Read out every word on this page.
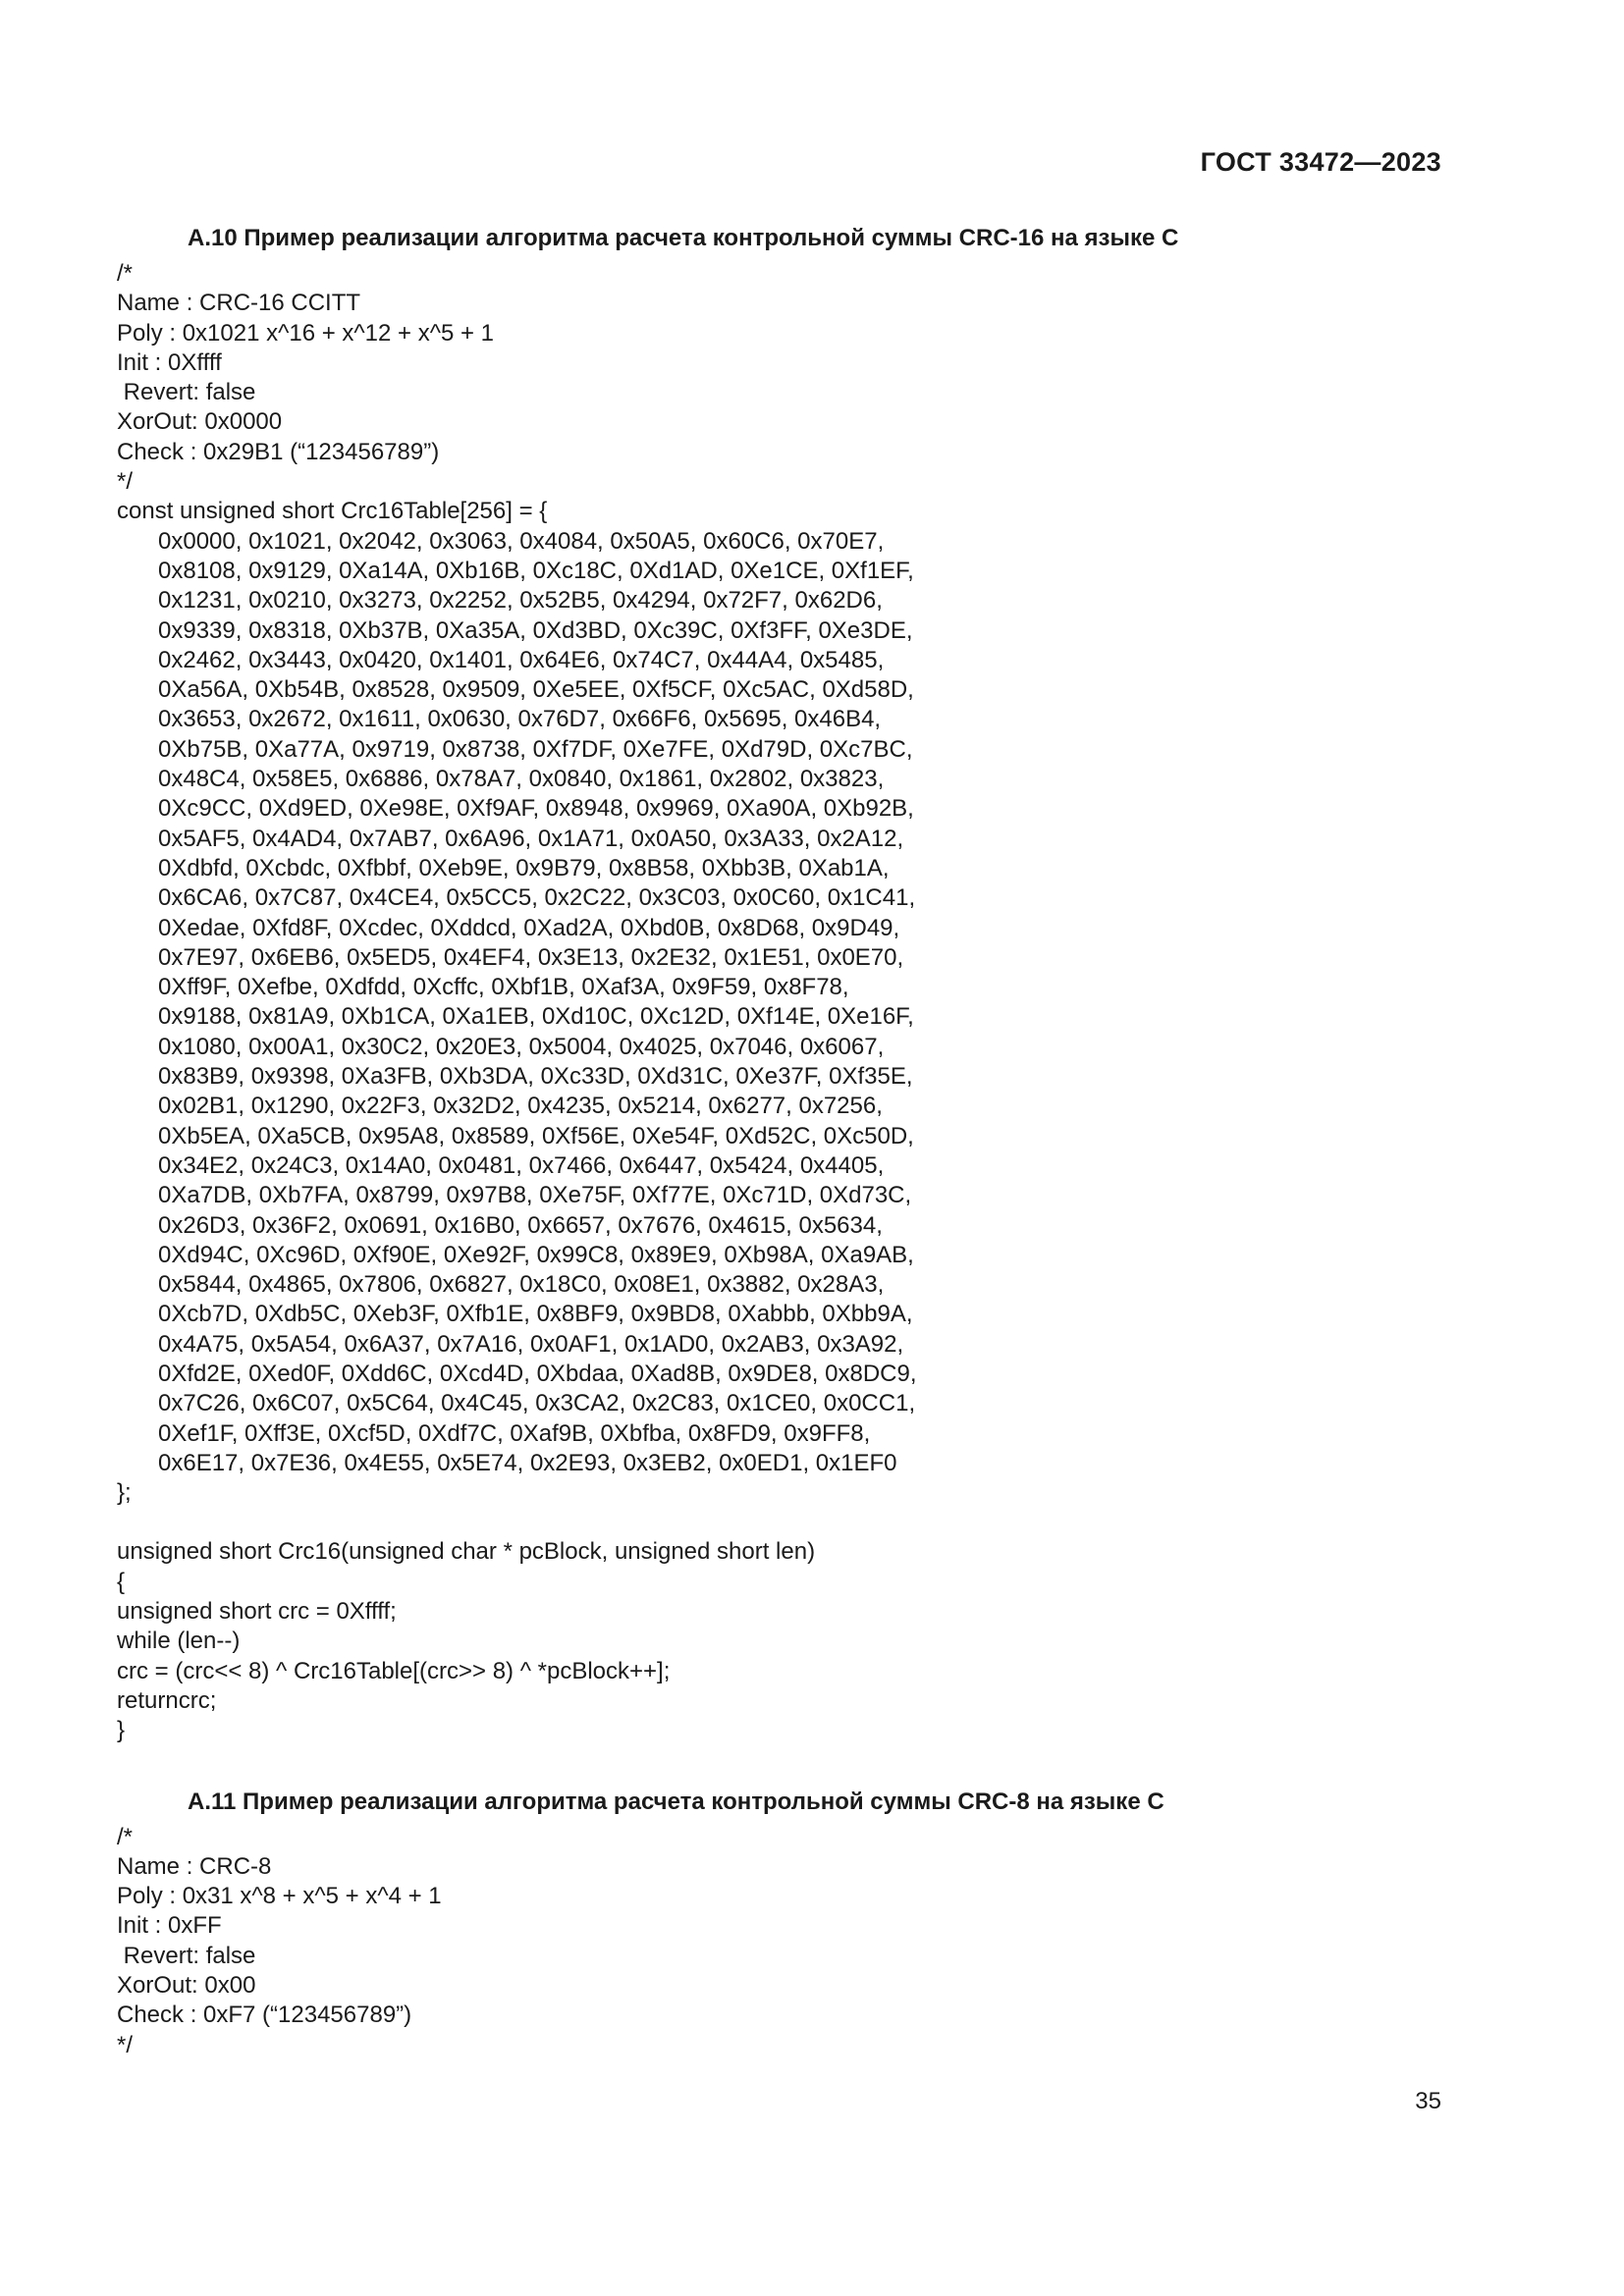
ГОСТ 33472—2023
А.10 Пример реализации алгоритма расчета контрольной суммы CRC-16 на языке С
/*
Name : CRC-16 CCITT
Poly : 0x1021 x^16 + x^12 + x^5 + 1
Init : 0Xffff
Revert: false
XorOut: 0x0000
Check : 0x29B1 (“123456789”)
*/
const unsigned short Crc16Table[256] = {
0x0000, 0x1021, 0x2042, 0x3063, 0x4084, 0x50A5, 0x60C6, 0x70E7,
0x8108, 0x9129, 0Xa14A, 0Xb16B, 0Xc18C, 0Xd1AD, 0Xe1CE, 0Xf1EF,
0x1231, 0x0210, 0x3273, 0x2252, 0x52B5, 0x4294, 0x72F7, 0x62D6,
0x9339, 0x8318, 0Xb37B, 0Xa35A, 0Xd3BD, 0Xc39C, 0Xf3FF, 0Xe3DE,
0x2462, 0x3443, 0x0420, 0x1401, 0x64E6, 0x74C7, 0x44A4, 0x5485,
0Xa56A, 0Xb54B, 0x8528, 0x9509, 0Xe5EE, 0Xf5CF, 0Xc5AC, 0Xd58D,
0x3653, 0x2672, 0x1611, 0x0630, 0x76D7, 0x66F6, 0x5695, 0x46B4,
0Xb75B, 0Xa77A, 0x9719, 0x8738, 0Xf7DF, 0Xe7FE, 0Xd79D, 0Xc7BC,
0x48C4, 0x58E5, 0x6886, 0x78A7, 0x0840, 0x1861, 0x2802, 0x3823,
0Xc9CC, 0Xd9ED, 0Xe98E, 0Xf9AF, 0x8948, 0x9969, 0Xa90A, 0Xb92B,
0x5AF5, 0x4AD4, 0x7AB7, 0x6A96, 0x1A71, 0x0A50, 0x3A33, 0x2A12,
0Xdbfd, 0Xcbdc, 0Xfbbf, 0Xeb9E, 0x9B79, 0x8B58, 0Xbb3B, 0Xab1A,
0x6CA6, 0x7C87, 0x4CE4, 0x5CC5, 0x2C22, 0x3C03, 0x0C60, 0x1C41,
0Xedae, 0Xfd8F, 0Xcdec, 0Xddcd, 0Xad2A, 0Xbd0B, 0x8D68, 0x9D49,
0x7E97, 0x6EB6, 0x5ED5, 0x4EF4, 0x3E13, 0x2E32, 0x1E51, 0x0E70,
0Xff9F, 0Xefbe, 0Xdfdd, 0Xcffc, 0Xbf1B, 0Xaf3A, 0x9F59, 0x8F78,
0x9188, 0x81A9, 0Xb1CA, 0Xa1EB, 0Xd10C, 0Xc12D, 0Xf14E, 0Xe16F,
0x1080, 0x00A1, 0x30C2, 0x20E3, 0x5004, 0x4025, 0x7046, 0x6067,
0x83B9, 0x9398, 0Xa3FB, 0Xb3DA, 0Xc33D, 0Xd31C, 0Xe37F, 0Xf35E,
0x02B1, 0x1290, 0x22F3, 0x32D2, 0x4235, 0x5214, 0x6277, 0x7256,
0Xb5EA, 0Xa5CB, 0x95A8, 0x8589, 0Xf56E, 0Xe54F, 0Xd52C, 0Xc50D,
0x34E2, 0x24C3, 0x14A0, 0x0481, 0x7466, 0x6447, 0x5424, 0x4405,
0Xa7DB, 0Xb7FA, 0x8799, 0x97B8, 0Xe75F, 0Xf77E, 0Xc71D, 0Xd73C,
0x26D3, 0x36F2, 0x0691, 0x16B0, 0x6657, 0x7676, 0x4615, 0x5634,
0Xd94C, 0Xc96D, 0Xf90E, 0Xe92F, 0x99C8, 0x89E9, 0Xb98A, 0Xa9AB,
0x5844, 0x4865, 0x7806, 0x6827, 0x18C0, 0x08E1, 0x3882, 0x28A3,
0Xcb7D, 0Xdb5C, 0Xeb3F, 0Xfb1E, 0x8BF9, 0x9BD8, 0Xabbb, 0Xbb9A,
0x4A75, 0x5A54, 0x6A37, 0x7A16, 0x0AF1, 0x1AD0, 0x2AB3, 0x3A92,
0Xfd2E, 0Xed0F, 0Xdd6C, 0Xcd4D, 0Xbdaa, 0Xad8B, 0x9DE8, 0x8DC9,
0x7C26, 0x6C07, 0x5C64, 0x4C45, 0x3CA2, 0x2C83, 0x1CE0, 0x0CC1,
0Xef1F, 0Xff3E, 0Xcf5D, 0Xdf7C, 0Xaf9B, 0Xbfba, 0x8FD9, 0x9FF8,
0x6E17, 0x7E36, 0x4E55, 0x5E74, 0x2E93, 0x3EB2, 0x0ED1, 0x1EF0
};
unsigned short Crc16(unsigned char * pcBlock, unsigned short len)
{
unsigned short crc = 0Xffff;
while (len--)
crc = (crc<< 8) ^ Crc16Table[(crc>> 8) ^ *pcBlock++];
returncrc;
}
А.11 Пример реализации алгоритма расчета контрольной суммы CRC-8 на языке С
/*
Name : CRC-8
Poly : 0x31 x^8 + x^5 + x^4 + 1
Init : 0xFF
Revert: false
XorOut: 0x00
Check : 0xF7 (“123456789”)
*/
35
